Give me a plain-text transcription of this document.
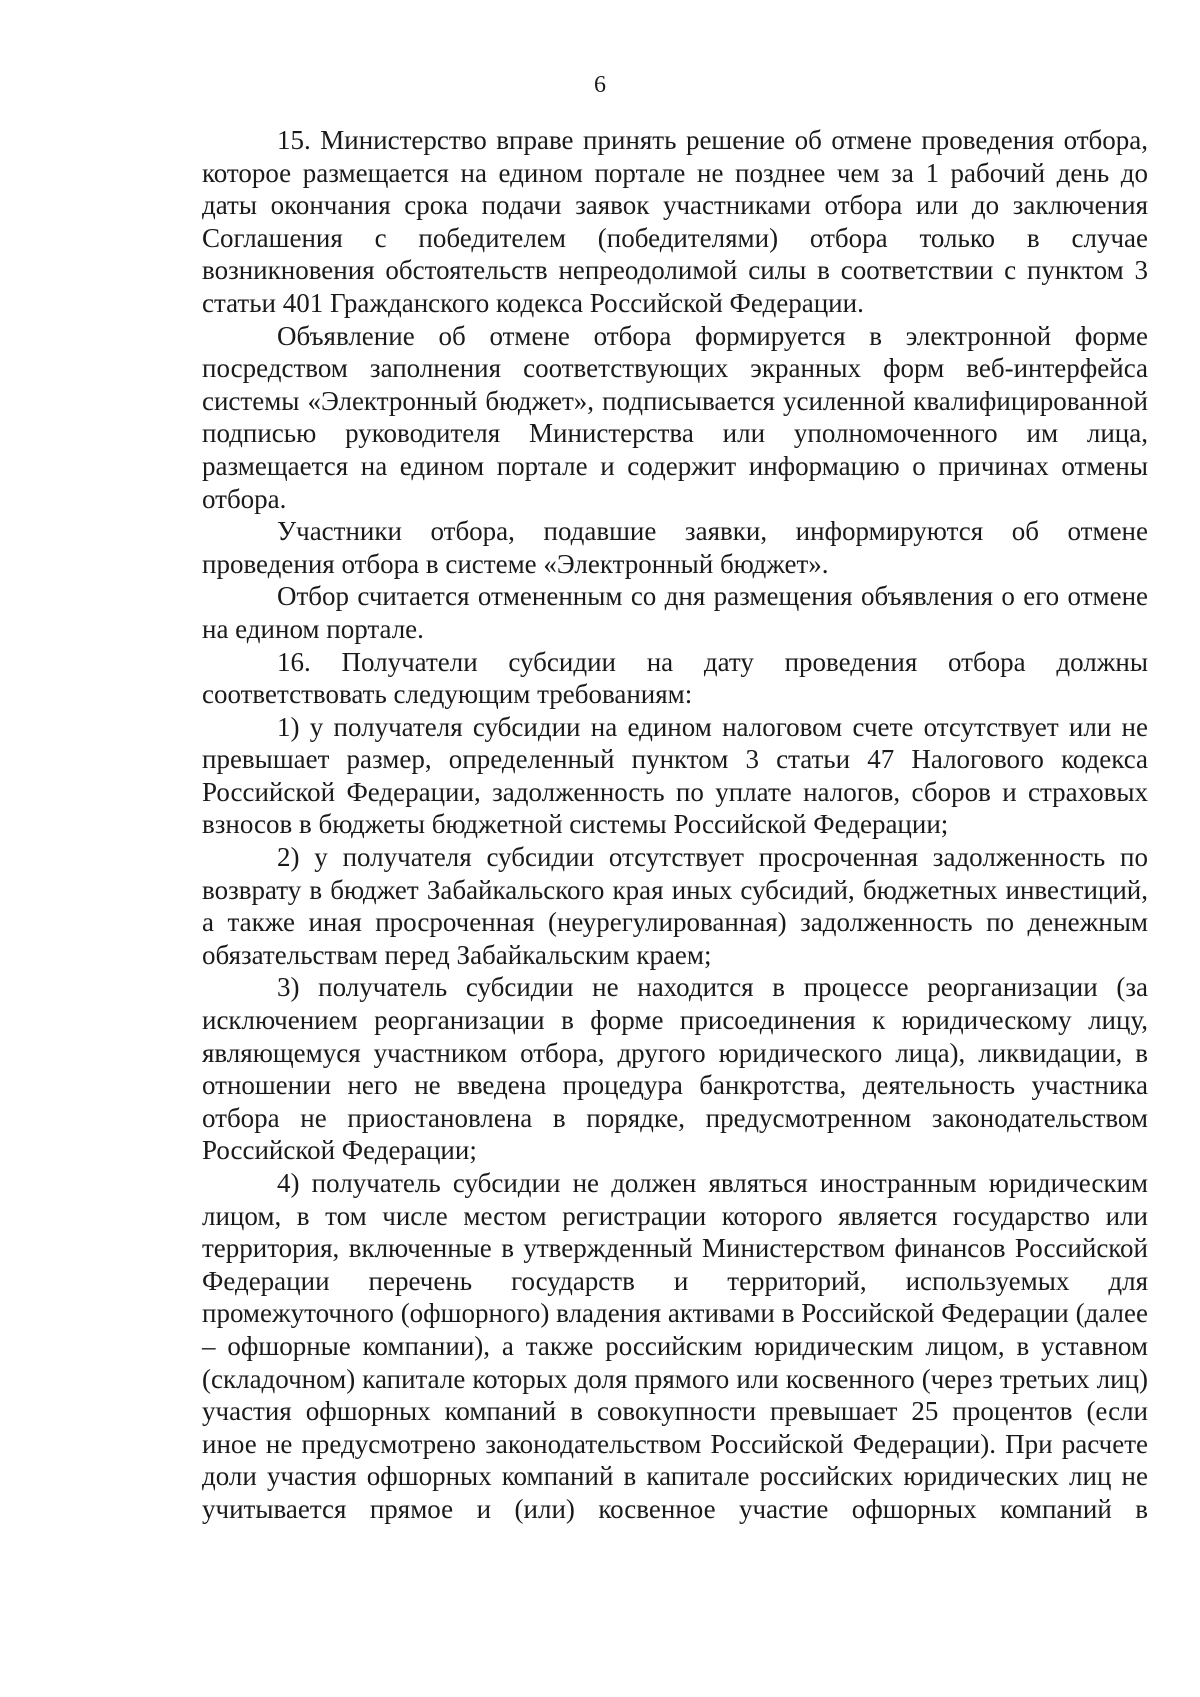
6

15. Министерство вправе принять решение об отмене проведения отбора, которое размещается на едином портале не позднее чем за 1 рабочий день до даты окончания срока подачи заявок участниками отбора или до заключения Соглашения с победителем (победителями) отбора только в случае возникновения обстоятельств непреодолимой силы в соответствии с пунктом 3 статьи 401 Гражданского кодекса Российской Федерации.

Объявление об отмене отбора формируется в электронной форме посредством заполнения соответствующих экранных форм веб-интерфейса системы «Электронный бюджет», подписывается усиленной квалифицированной подписью руководителя Министерства или уполномоченного им лица, размещается на едином портале и содержит информацию о причинах отмены отбора.

Участники отбора, подавшие заявки, информируются об отмене проведения отбора в системе «Электронный бюджет».

Отбор считается отмененным со дня размещения объявления о его отмене на едином портале.

16. Получатели субсидии на дату проведения отбора должны соответствовать следующим требованиям:

1) у получателя субсидии на едином налоговом счете отсутствует или не превышает размер, определенный пунктом 3 статьи 47 Налогового кодекса Российской Федерации, задолженность по уплате налогов, сборов и страховых взносов в бюджеты бюджетной системы Российской Федерации;

2) у получателя субсидии отсутствует просроченная задолженность по возврату в бюджет Забайкальского края иных субсидий, бюджетных инвестиций, а также иная просроченная (неурегулированная) задолженность по денежным обязательствам перед Забайкальским краем;

3) получатель субсидии не находится в процессе реорганизации (за исключением реорганизации в форме присоединения к юридическому лицу, являющемуся участником отбора, другого юридического лица), ликвидации, в отношении него не введена процедура банкротства, деятельность участника отбора не приостановлена в порядке, предусмотренном законодательством Российской Федерации;

4) получатель субсидии не должен являться иностранным юридическим лицом, в том числе местом регистрации которого является государство или территория, включенные в утвержденный Министерством финансов Российской Федерации перечень государств и территорий, используемых для промежуточного (офшорного) владения активами в Российской Федерации (далее – офшорные компании), а также российским юридическим лицом, в уставном (складочном) капитале которых доля прямого или косвенного (через третьих лиц) участия офшорных компаний в совокупности превышает 25 процентов (если иное не предусмотрено законодательством Российской Федерации). При расчете доли участия офшорных компаний в капитале российских юридических лиц не учитывается прямое и (или) косвенное участие офшорных компаний в
